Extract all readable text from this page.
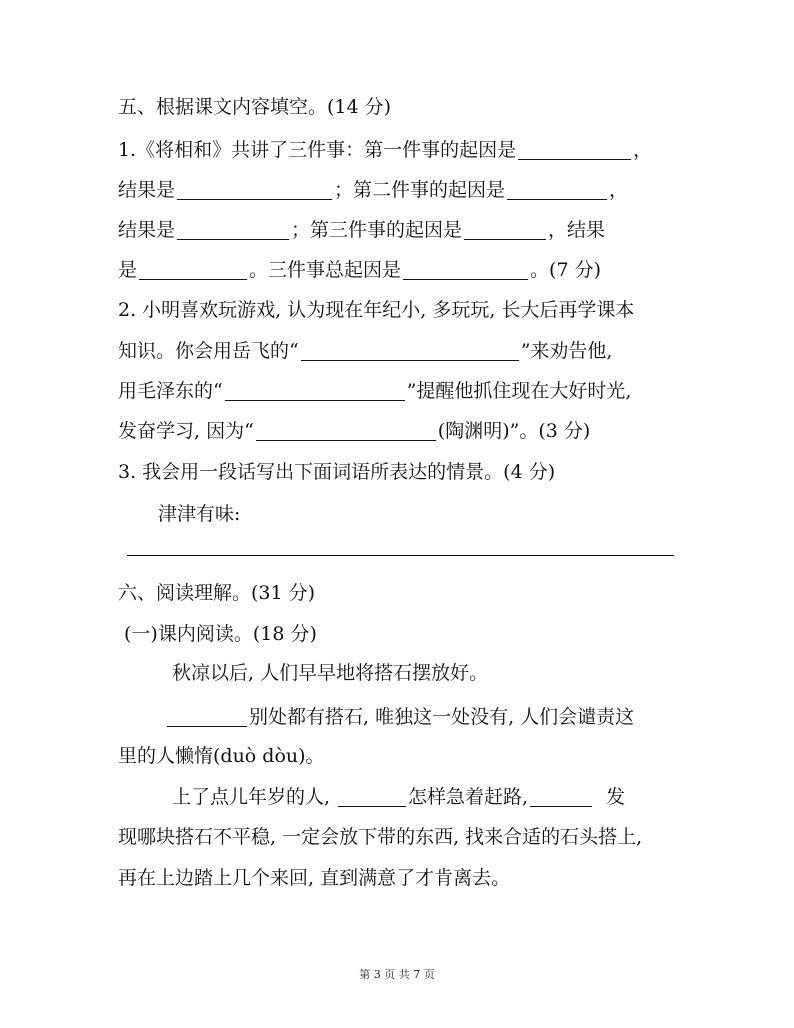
五、根据课文内容填空。(14 分)
1.《将相和》共讲了三件事：第一件事的起因是	，
结果是	；第二件事的起因是	，
结果是	；第三件事的起因是	，结果
是	。三件事总起因是	。(7 分)
2. 小明喜欢玩游戏, 认为现在年纪小, 多玩玩, 长大后再学课本
知识。你会用岳飞的“	”来劝告他,
用毛泽东的“	”提醒他抓住现在大好时光,
发奋学习, 因为“	(陶渊明)”。(3 分)
3. 我会用一段话写出下面词语所表达的情景。(4 分)
津津有味:
六、阅读理解。(31 分)
(一)课内阅读。(18 分)
秋凉以后, 人们早早地将搭石摆放好。
别处都有搭石, 唯独这一处没有, 人们会谴责这
里的人懒惰(duò dòu)。
上了点儿年岁的人,	怎样急着赶路,	发
现哪块搭石不平稳, 一定会放下带的东西, 找来合适的石头搭上,
再在上边踏上几个来回, 直到满意了才肯离去。
第 3 页 共 7 页
